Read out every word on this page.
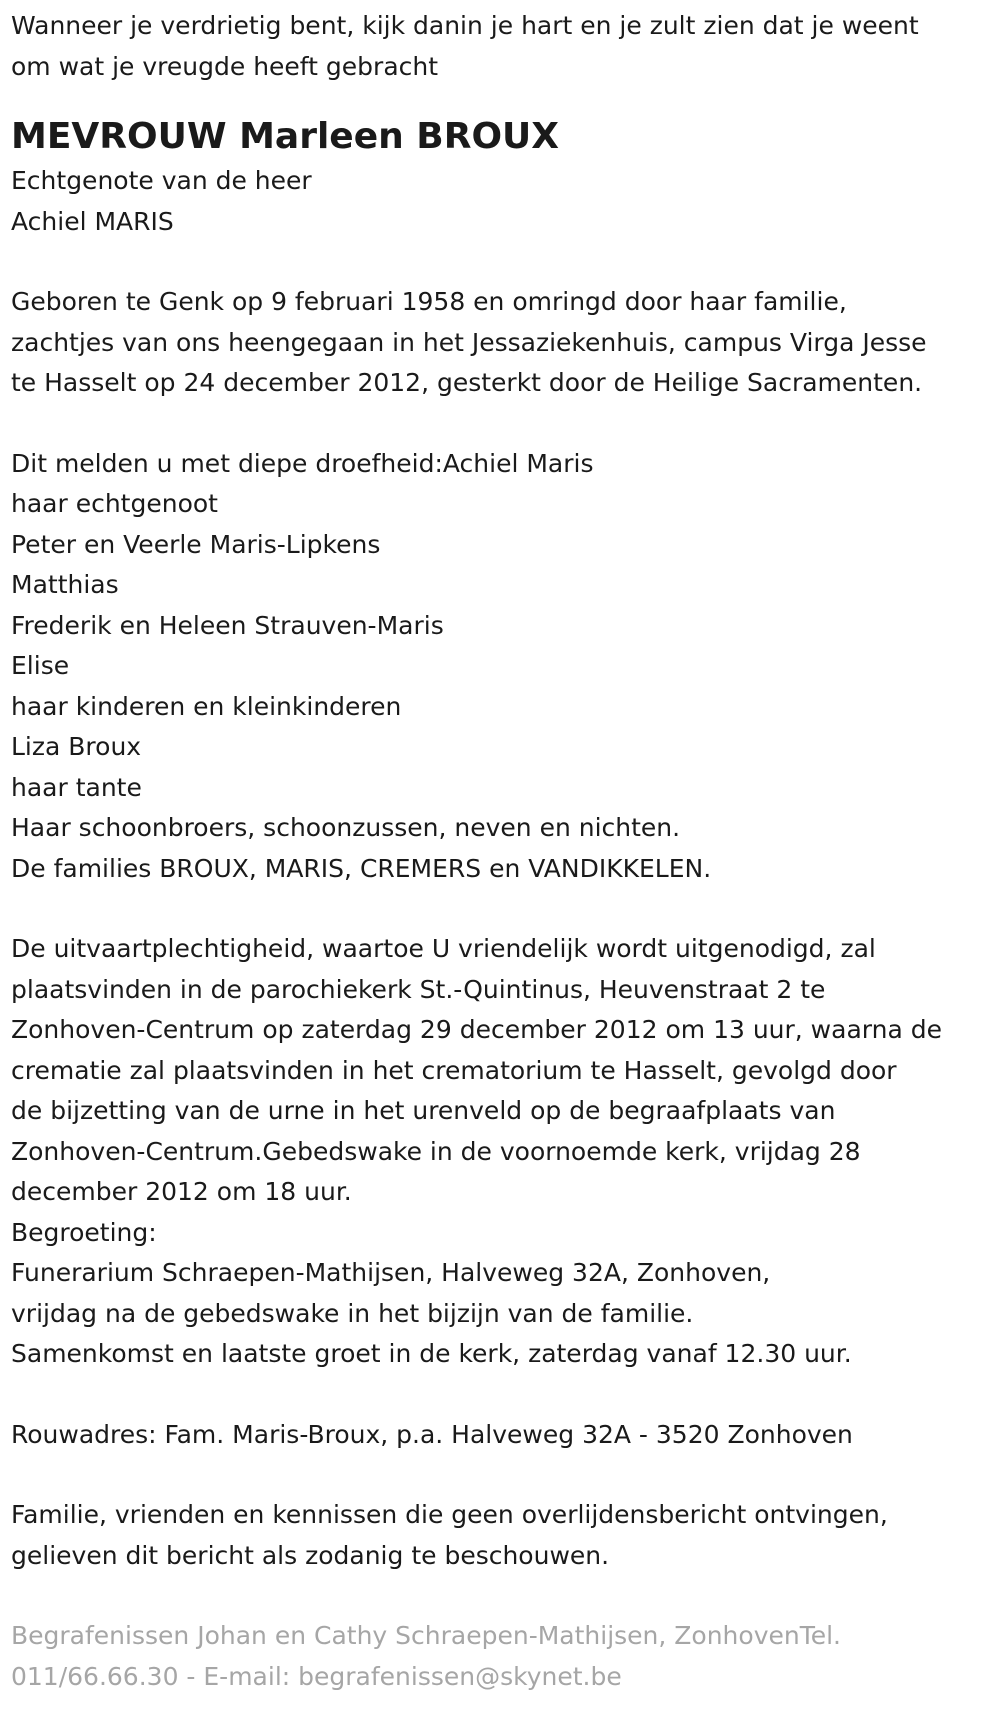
Wanneer je verdrietig bent, kijk danin je hart en je zult zien dat je weent
om wat je vreugde heeft gebracht
MEVROUW Marleen BROUX
Echtgenote van de heer
Achiel MARIS
Geboren te Genk op 9 februari 1958 en omringd door haar familie,
zachtjes van ons heengegaan in het Jessaziekenhuis, campus Virga Jesse
te Hasselt op 24 december 2012, gesterkt door de Heilige Sacramenten.
Dit melden u met diepe droefheid:Achiel Maris
haar echtgenoot
Peter en Veerle Maris-Lipkens
Matthias
Frederik en Heleen Strauven-Maris
Elise
haar kinderen en kleinkinderen
Liza Broux
haar tante
Haar schoonbroers, schoonzussen, neven en nichten.
De families BROUX, MARIS, CREMERS en VANDIKKELEN.
De uitvaartplechtigheid, waartoe U vriendelijk wordt uitgenodigd, zal
plaatsvinden in de parochiekerk St.-Quintinus, Heuvenstraat 2 te
Zonhoven-Centrum op zaterdag 29 december 2012 om 13 uur, waarna de
crematie zal plaatsvinden in het crematorium te Hasselt, gevolgd door
de bijzetting van de urne in het urenveld op de begraafplaats van
Zonhoven-Centrum.Gebedswake in de voornoemde kerk, vrijdag 28
december 2012 om 18 uur.
Begroeting:
Funerarium Schraepen-Mathijsen, Halveweg 32A, Zonhoven,
vrijdag na de gebedswake in het bijzijn van de familie.
Samenkomst en laatste groet in de kerk, zaterdag vanaf 12.30 uur.
Rouwadres: Fam. Maris-Broux, p.a. Halveweg 32A - 3520 Zonhoven
Familie, vrienden en kennissen die geen overlijdensbericht ontvingen,
gelieven dit bericht als zodanig te beschouwen.
Begrafenissen Johan en Cathy Schraepen-Mathijsen, ZonhovenTel.
011/66.66.30 - E-mail: begrafenissen@skynet.be
